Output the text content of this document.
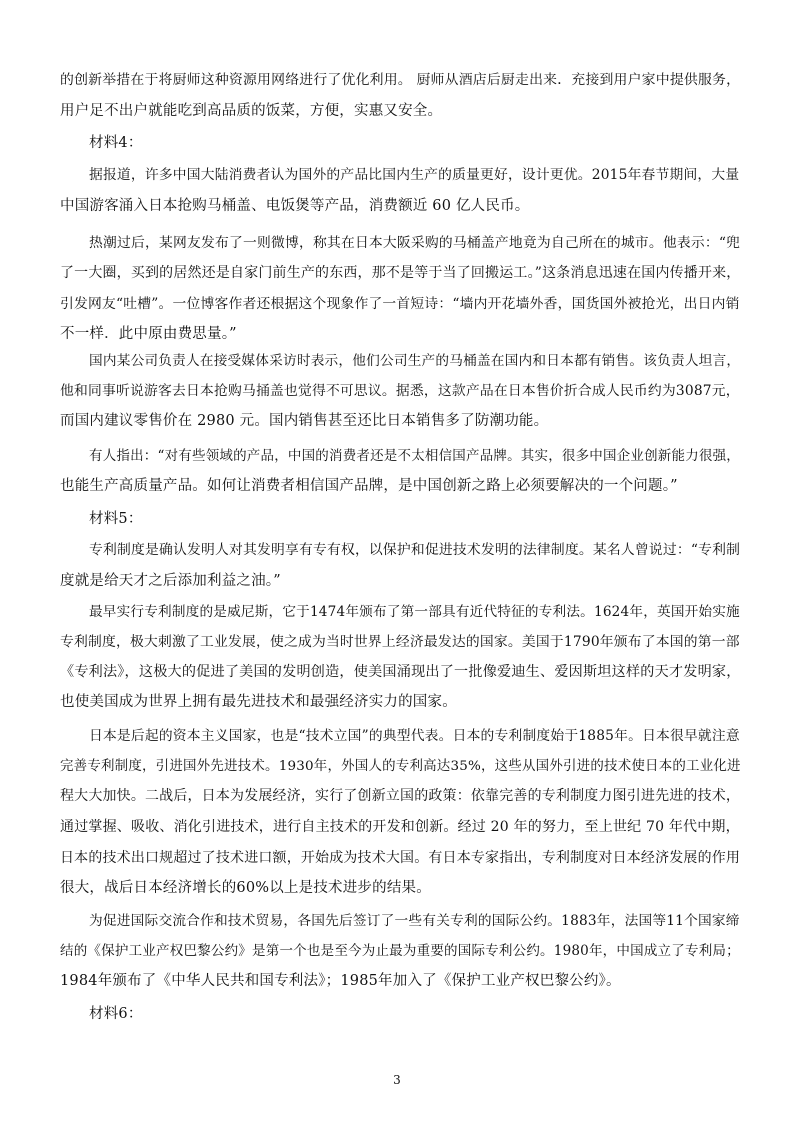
的创新举措在于将厨师这种资源用网络进行了优化利用。 厨师从酒店后厨走出来．充接到用户家中提供服务，
用户足不出户就能吃到高品质的饭菜，方便，实惠又安全。
材料4：
据报道，许多中国大陆消费者认为国外的产品比国内生产的质量更好，设计更优。2015年春节期间，大量
中国游客涌入日本抢购马桶盖、电饭煲等产品，消费额近 60 亿人民币。
热潮过后，某网友发布了一则微博，称其在日本大阪采购的马桶盖产地竟为自己所在的城市。他表示：“兜
了一大圈，买到的居然还是自家门前生产的东西，那不是等于当了回搬运工。”这条消息迅速在国内传播开来，
引发网友“吐槽”。一位博客作者还根据这个现象作了一首短诗：“墙内开花墙外香，国货国外被抢光，出日内销
不一样．此中原由费思量。”
国内某公司负责人在接受媒体采访时表示，他们公司生产的马桶盖在国内和日本都有销售。该负责人坦言，
他和同事听说游客去日本抢购马捅盖也觉得不可思议。据悉，这款产品在日本售价折合成人民币约为3087元，
而国内建议零售价在 2980 元。国内销售甚至还比日本销售多了防潮功能。
有人指出：“对有些领域的产品，中国的消费者还是不太相信国产品牌。其实，很多中国企业创新能力很强，
也能生产高质量产品。如何让消费者相信国产品牌，是中国创新之路上必须要解决的一个问题。”
材料5：
专利制度是确认发明人对其发明享有专有权，以保护和促进技术发明的法律制度。某名人曾说过：“专利制
度就是给天才之后添加利益之油。”
最早实行专利制度的是威尼斯，它于1474年颁布了第一部具有近代特征的专利法。1624年，英国开始实施
专利制度，极大刺激了工业发展，使之成为当时世界上经济最发达的国家。美国于1790年颁布了本国的第一部
《专利法》，这极大的促进了美国的发明创造，使美国涌现出了一批像爱迪生、爱因斯坦这样的天才发明家，
也使美国成为世界上拥有最先进技术和最强经济实力的国家。
日本是后起的资本主义国家，也是“技术立国”的典型代表。日本的专利制度始于1885年。日本很早就注意
完善专利制度，引进国外先进技术。1930年，外国人的专利高达35%，这些从国外引进的技术使日本的工业化进
程大大加快。二战后，日本为发展经济，实行了创新立国的政策：依靠完善的专利制度力图引进先进的技术，
通过掌握、吸收、消化引进技术，进行自主技术的开发和创新。经过 20 年的努力，至上世纪 70 年代中期，
日本的技术出口规超过了技术进口额，开始成为技术大国。有日本专家指出，专利制度对日本经济发展的作用
很大，战后日本经济增长的60%以上是技术进步的结果。
为促进国际交流合作和技术贸易，各国先后签订了一些有关专利的国际公约。1883年，法国等11个国家缔
结的《保护工业产权巴黎公约》是第一个也是至今为止最为重要的国际专利公约。1980年，中国成立了专利局；
1984年颁布了《中华人民共和国专利法》；1985年加入了《保护工业产权巴黎公约》。
材料6：
3
